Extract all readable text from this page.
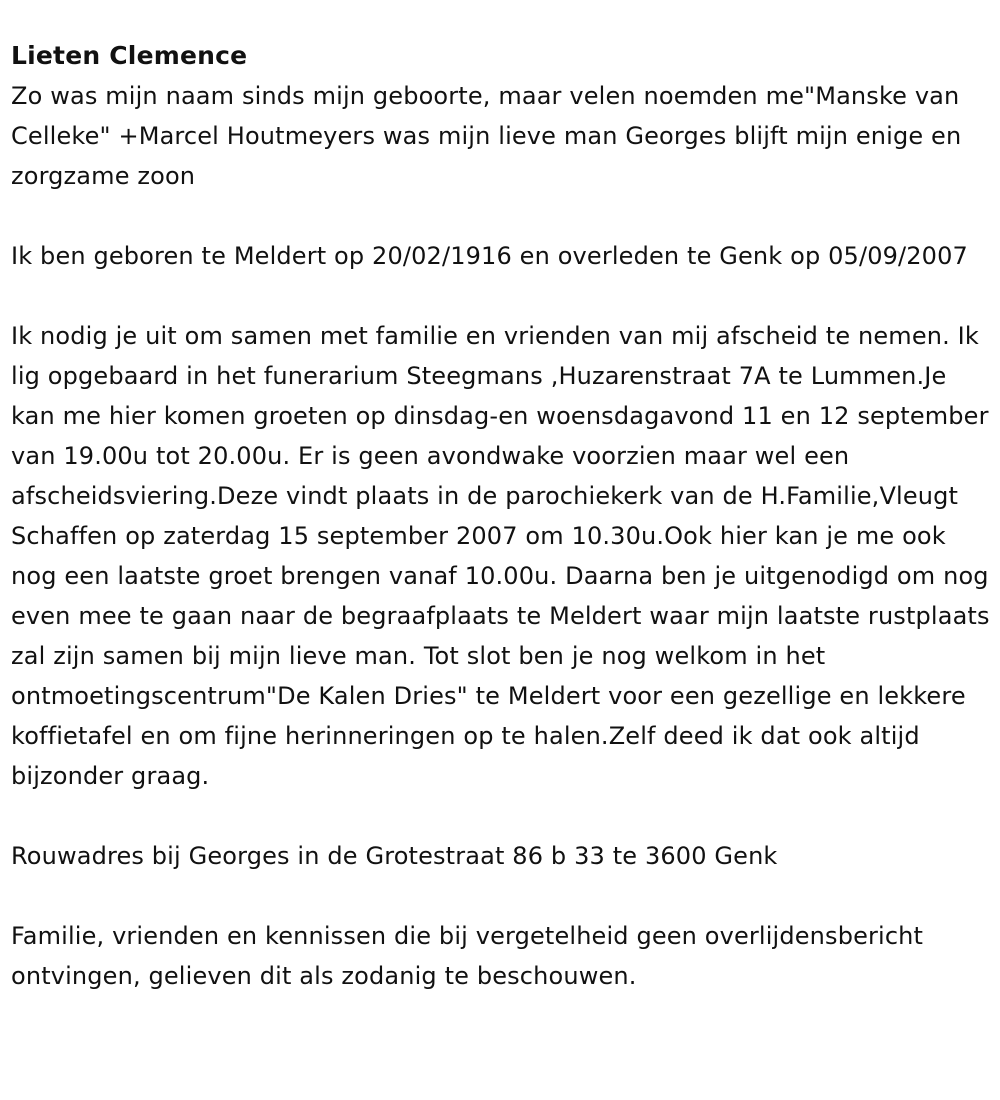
Lieten Clemence

Zo was mijn naam sinds mijn geboorte, maar velen noemden me"Manske van Celleke" +Marcel Houtmeyers was mijn lieve man Georges blijft mijn enige en zorgzame zoon

Ik ben geboren te Meldert op 20/02/1916 en overleden te Genk op 05/09/2007

Ik nodig je uit om samen met familie en vrienden van mij afscheid te nemen. Ik lig opgebaard in het funerarium Steegmans ,Huzarenstraat 7A te Lummen.Je kan me hier komen groeten op dinsdag-en woensdagavond 11 en 12 september van 19.00u tot 20.00u. Er is geen avondwake voorzien maar wel een afscheidsviering.Deze vindt plaats in de parochiekerk van de H.Familie,Vleugt Schaffen op zaterdag 15 september 2007 om 10.30u.Ook hier kan je me ook nog een laatste groet brengen vanaf 10.00u. Daarna ben je uitgenodigd om nog even mee te gaan naar de begraafplaats te Meldert waar mijn laatste rustplaats zal zijn samen bij mijn lieve man. Tot slot ben je nog welkom in het ontmoetingscentrum"De Kalen Dries" te Meldert voor een gezellige en lekkere koffietafel en om fijne herinneringen op te halen.Zelf deed ik dat ook altijd bijzonder graag.

Rouwadres bij Georges in de Grotestraat 86 b 33 te 3600 Genk

Familie, vrienden en kennissen die bij vergetelheid geen overlijdensbericht ontvingen, gelieven dit als zodanig te beschouwen.
